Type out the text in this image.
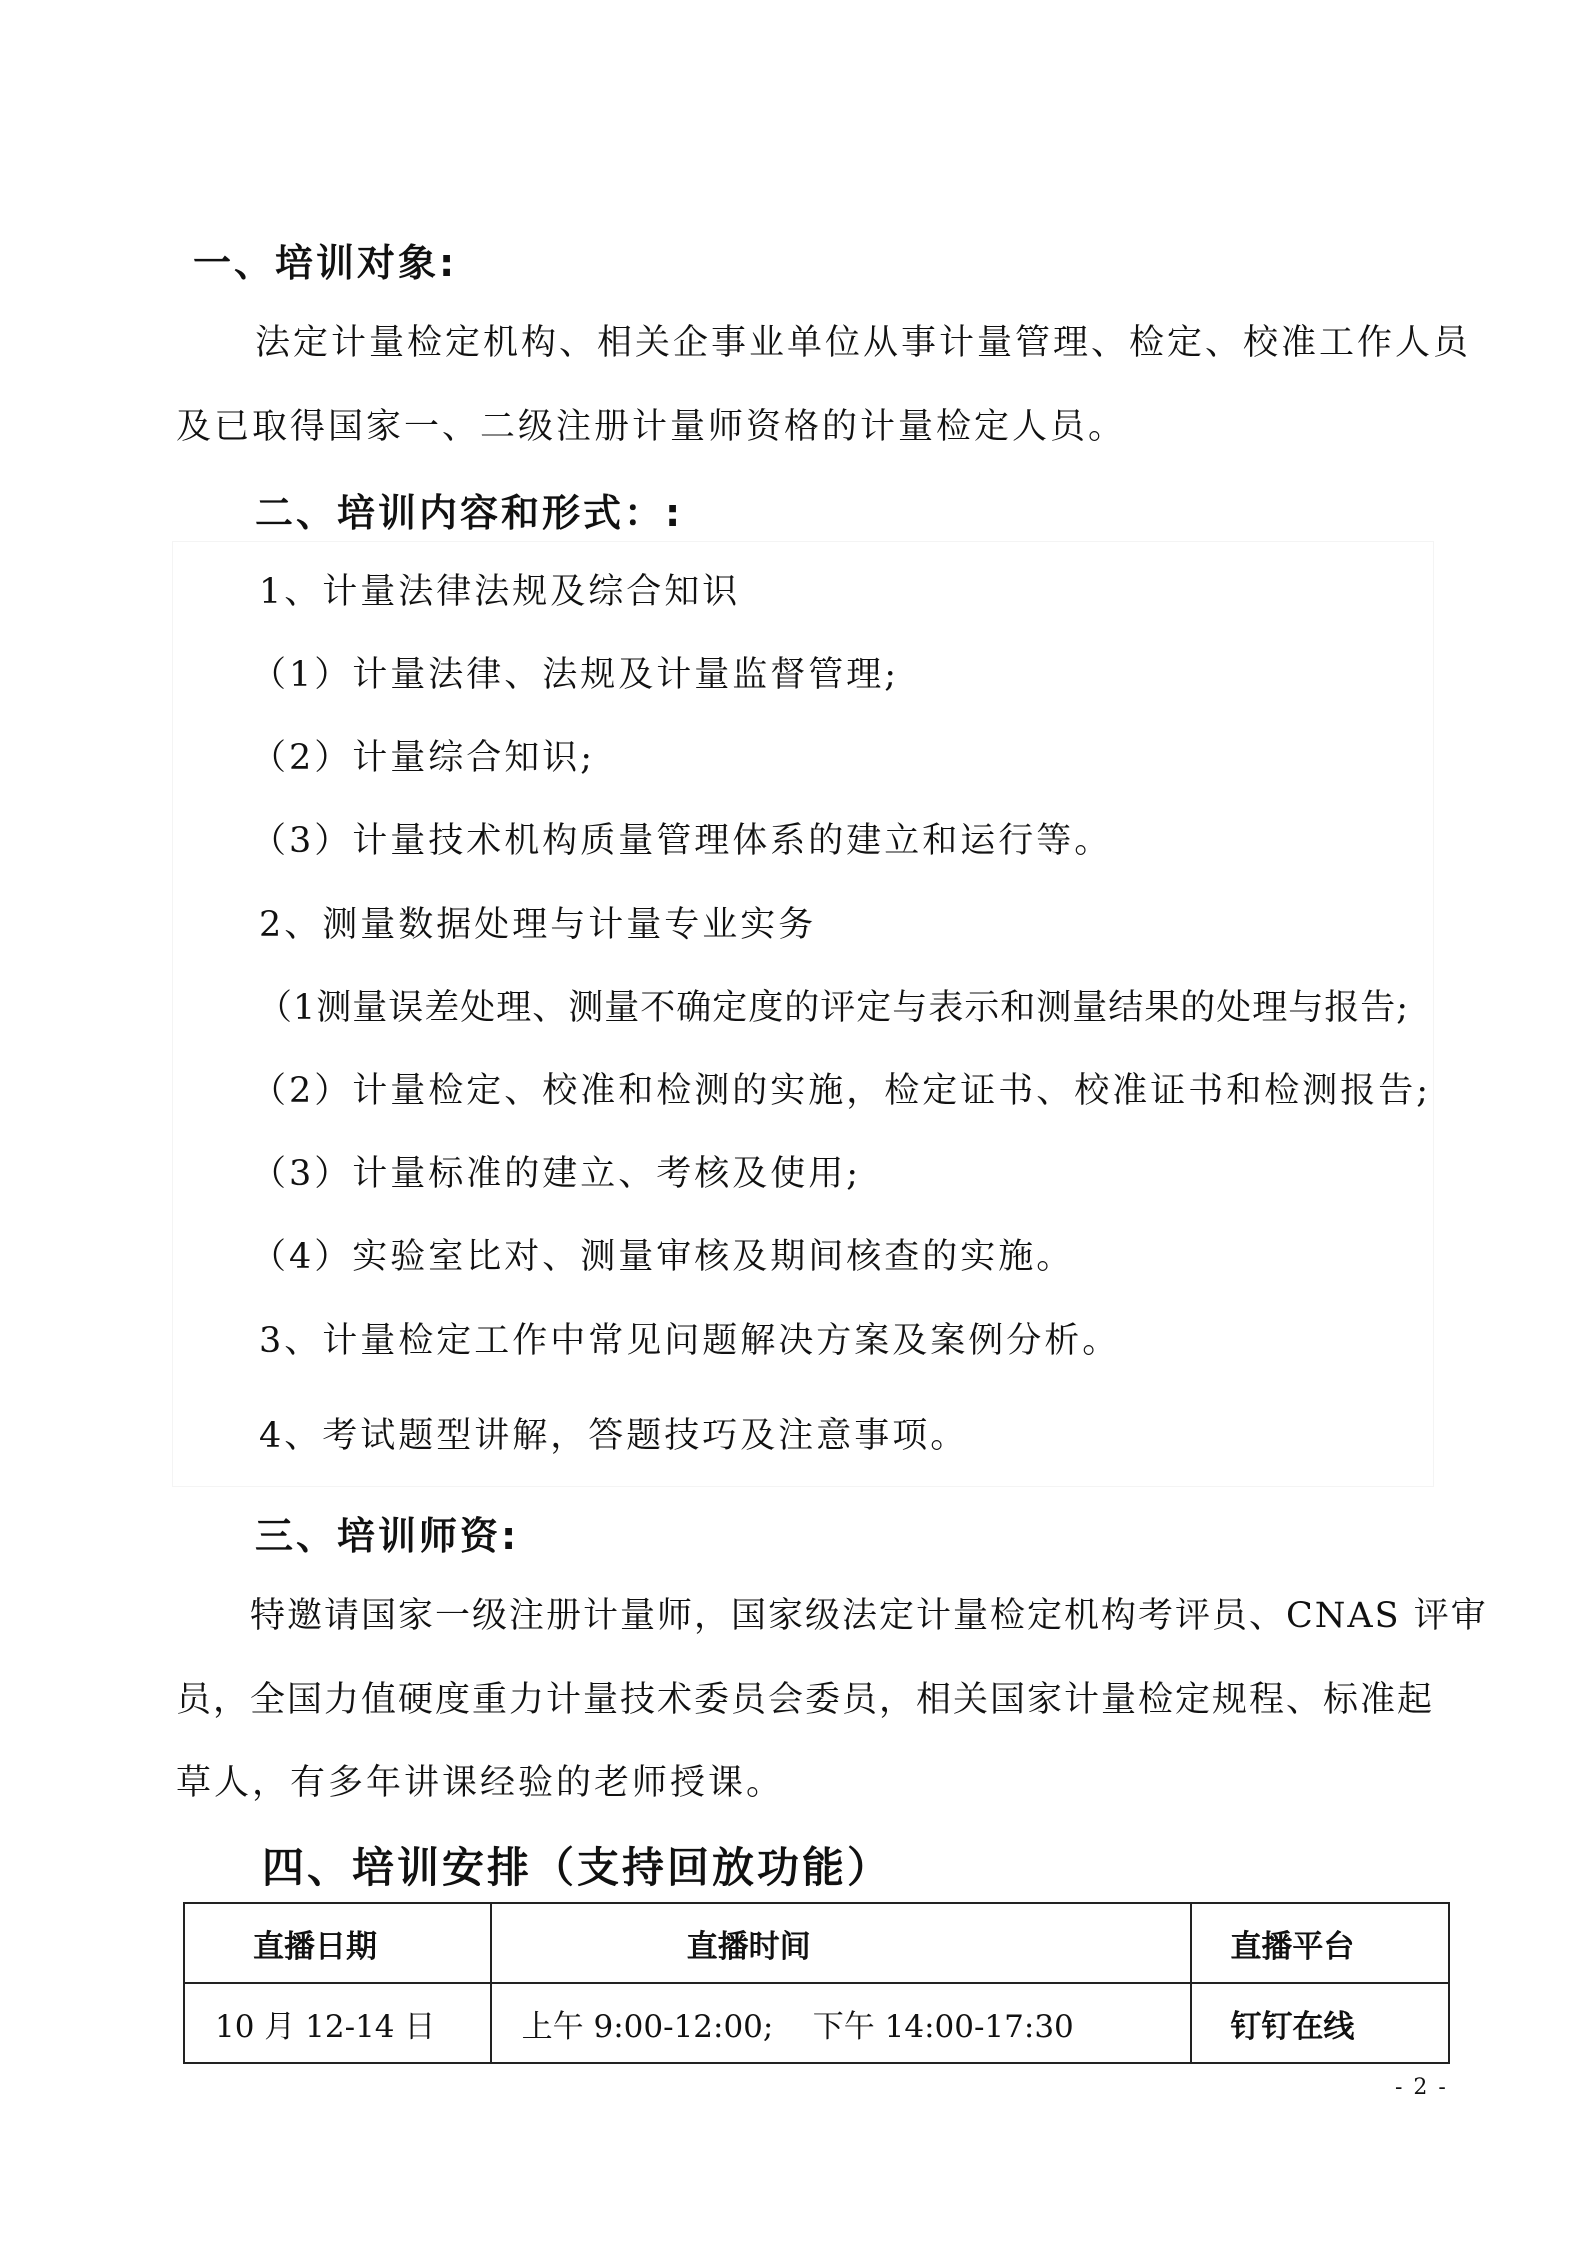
一、培训对象:
法定计量检定机构、相关企事业单位从事计量管理、检定、校准工作人员
及已取得国家一、二级注册计量师资格的计量检定人员。
二、培训内容和形式：:
1、计量法律法规及综合知识
（1）计量法律、法规及计量监督管理;
（2）计量综合知识;
（3）计量技术机构质量管理体系的建立和运行等。
2、测量数据处理与计量专业实务
（1测量误差处理、测量不确定度的评定与表示和测量结果的处理与报告;
（2）计量检定、校准和检测的实施，检定证书、校准证书和检测报告;
（3）计量标准的建立、考核及使用;
（4）实验室比对、测量审核及期间核查的实施。
3、计量检定工作中常见问题解决方案及案例分析。
4、考试题型讲解，答题技巧及注意事项。
三、培训师资:
特邀请国家一级注册计量师，国家级法定计量检定机构考评员、CNAS 评审
员，全国力值硬度重力计量技术委员会委员，相关国家计量检定规程、标准起
草人，有多年讲课经验的老师授课。
四、培训安排（支持回放功能）
直播日期	直播时间	直播平台
10 月 12-14 日	上午 9:00-12:00;    下午 14:00-17:30	钉钉在线
- 2 -
